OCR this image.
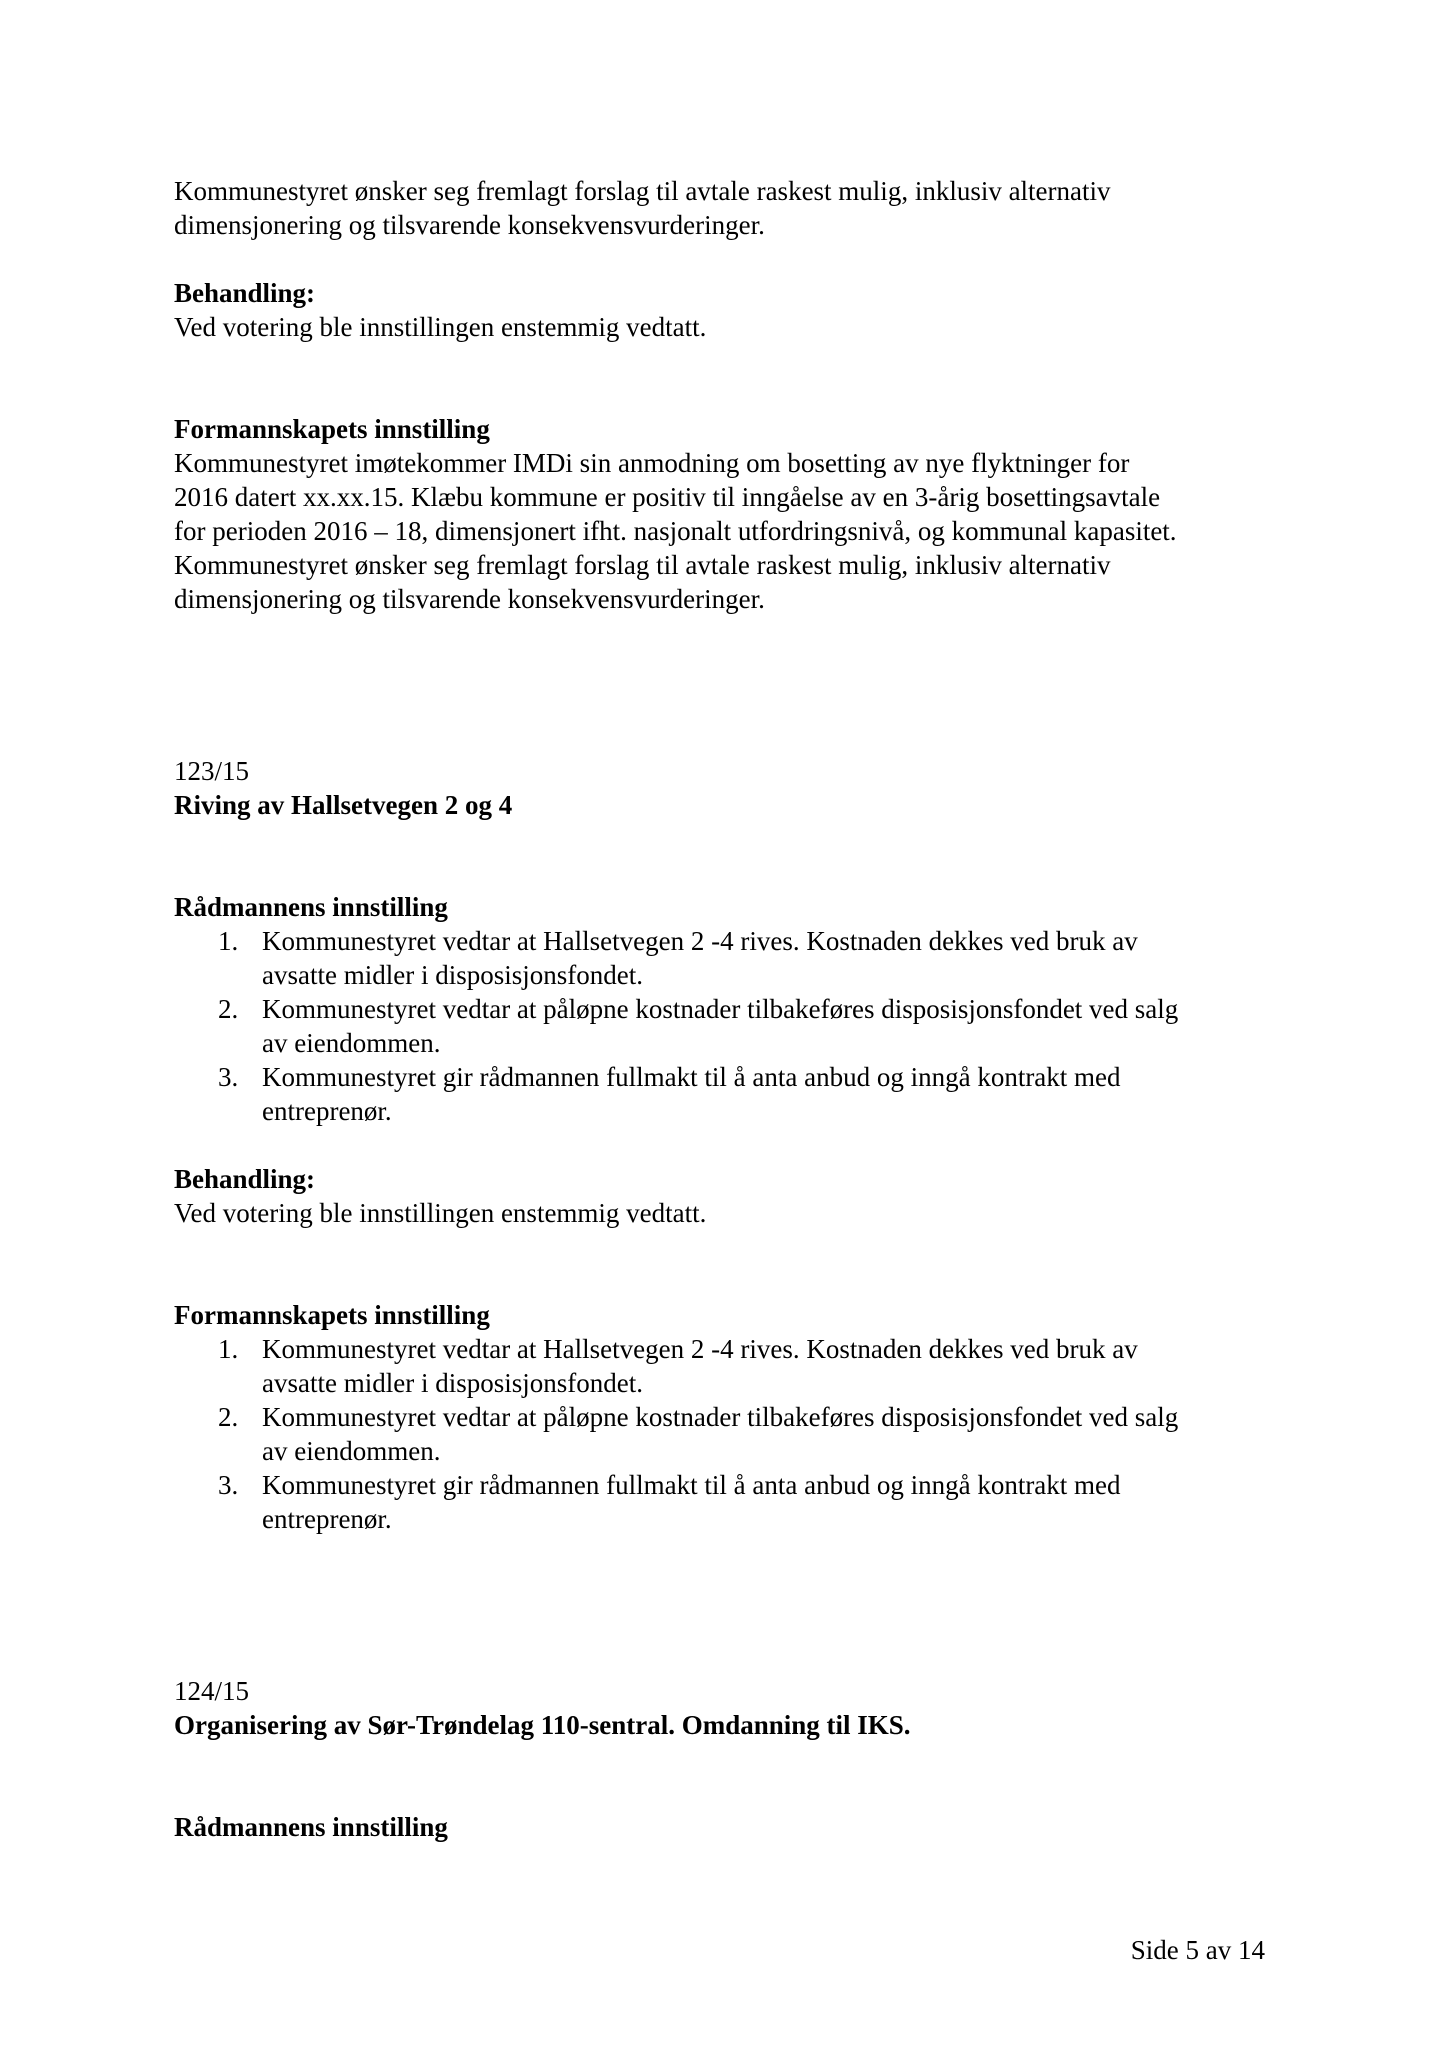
Kommunestyret ønsker seg fremlagt forslag til avtale raskest mulig, inklusiv alternativ

dimensjonering og tilsvarende konsekvensvurderinger.

Behandling:

Ved votering ble innstillingen enstemmig vedtatt.

Formannskapets innstilling

Kommunestyret imøtekommer IMDi sin anmodning om bosetting av nye flyktninger for

2016 datert xx.xx.15. Klæbu kommune er positiv til inngåelse av en 3-årig bosettingsavtale

for perioden 2016 – 18, dimensjonert ifht. nasjonalt utfordringsnivå, og kommunal kapasitet.

Kommunestyret ønsker seg fremlagt forslag til avtale raskest mulig, inklusiv alternativ

dimensjonering og tilsvarende konsekvensvurderinger.

123/15

Riving av Hallsetvegen 2 og 4

Rådmannens innstilling

1. Kommunestyret vedtar at Hallsetvegen 2 -4 rives. Kostnaden dekkes ved bruk av

avsatte midler i disposisjonsfondet.

2. Kommunestyret vedtar at påløpne kostnader tilbakeføres disposisjonsfondet ved salg

av eiendommen.

3. Kommunestyret gir rådmannen fullmakt til å anta anbud og inngå kontrakt med

entreprenør.

Behandling:

Ved votering ble innstillingen enstemmig vedtatt.

Formannskapets innstilling

1. Kommunestyret vedtar at Hallsetvegen 2 -4 rives. Kostnaden dekkes ved bruk av

avsatte midler i disposisjonsfondet.

2. Kommunestyret vedtar at påløpne kostnader tilbakeføres disposisjonsfondet ved salg

av eiendommen.

3. Kommunestyret gir rådmannen fullmakt til å anta anbud og inngå kontrakt med

entreprenør.

124/15

Organisering av Sør-Trøndelag 110-sentral. Omdanning til IKS.

Rådmannens innstilling

Side 5 av 14
